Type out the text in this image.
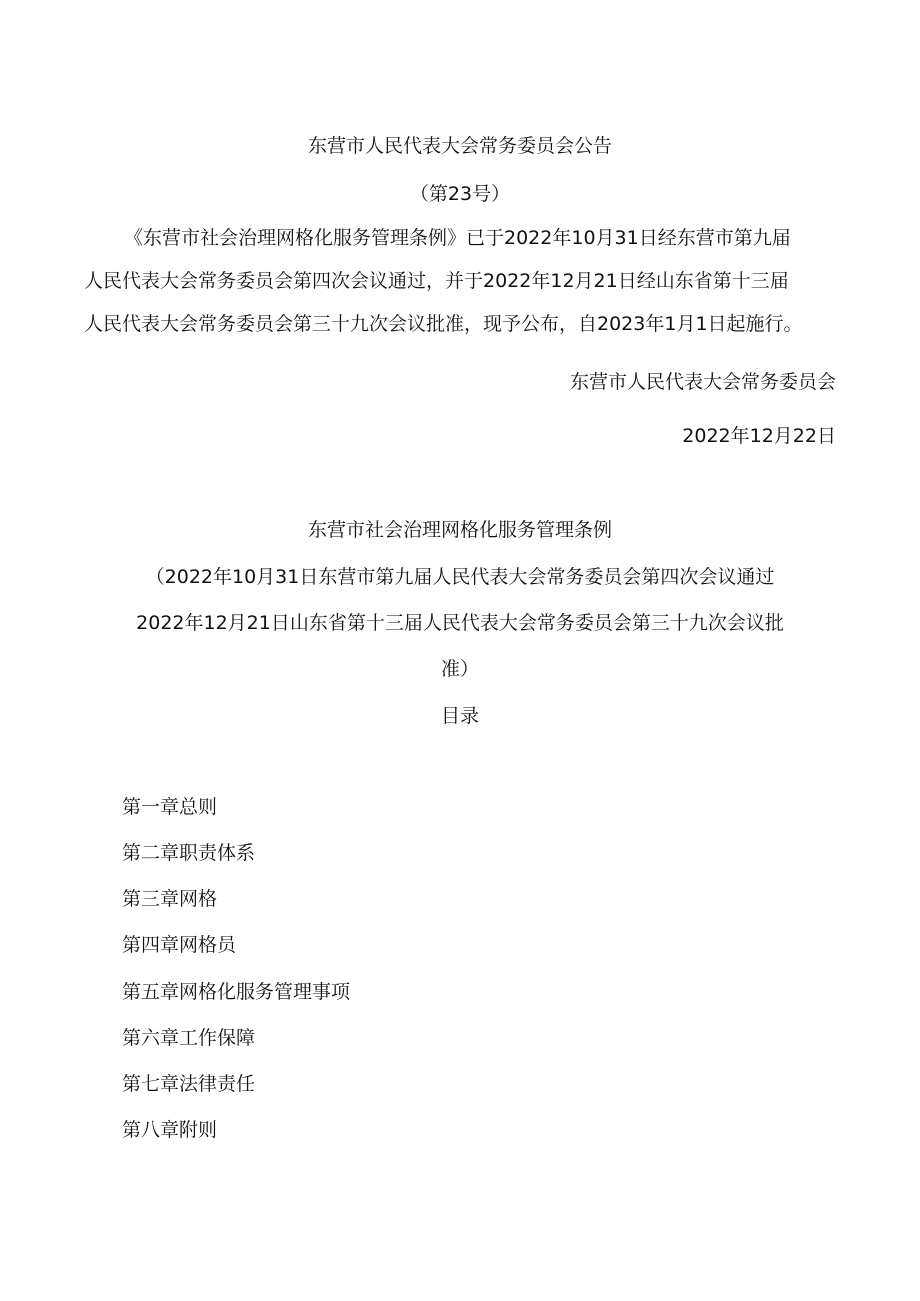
东营市人民代表大会常务委员会公告
（第23号）
《东营市社会治理网格化服务管理条例》已于2022年10月31日经东营市第九届
人民代表大会常务委员会第四次会议通过，并于2022年12月21日经山东省第十三届
人民代表大会常务委员会第三十九次会议批准，现予公布，自2023年1月1日起施行。
东营市人民代表大会常务委员会
2022年12月22日
东营市社会治理网格化服务管理条例
（2022年10月31日东营市第九届人民代表大会常务委员会第四次会议通过
2022年12月21日山东省第十三届人民代表大会常务委员会第三十九次会议批
准）
目录
第一章总则
第二章职责体系
第三章网格
第四章网格员
第五章网格化服务管理事项
第六章工作保障
第七章法律责任
第八章附则
